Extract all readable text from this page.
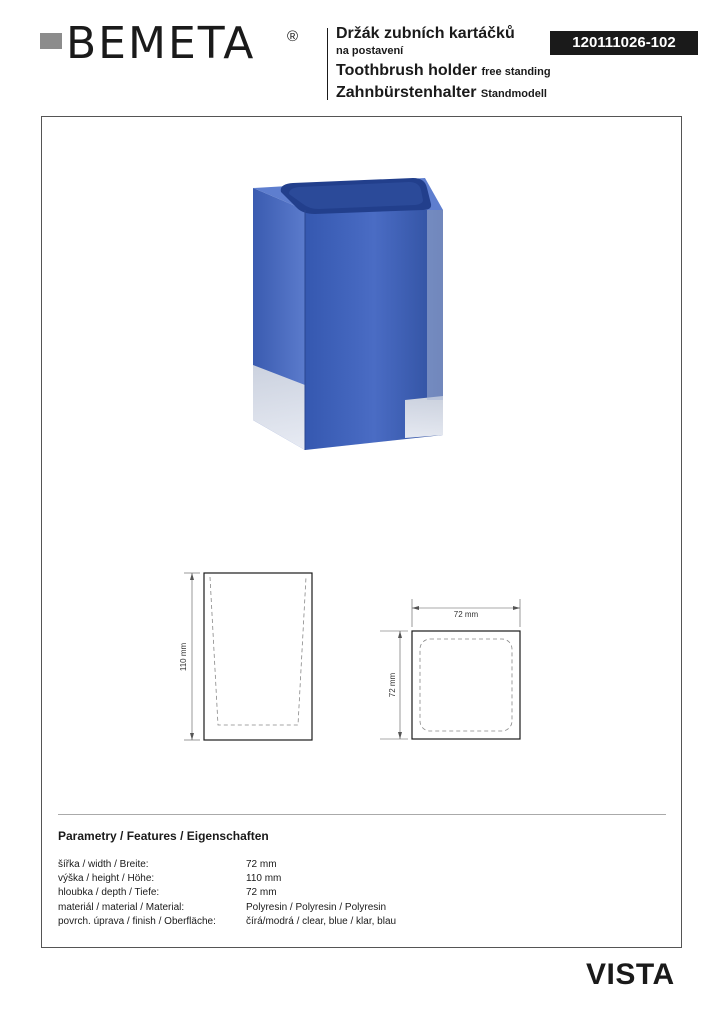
BEMETA ® Držák zubních kartáčků
na postavení
Toothbrush holder free standing
Zahnbürstenhalter Standmodell
120111026-102
110 mm
72 mm
72 mm
Parametry / Features / Eigenschaften
šířka / width / Breite:	72 mm
výška / height / Höhe:	110 mm
hloubka / depth / Tiefe:	72 mm
materiál / material / Material:	Polyresin / Polyresin / Polyresin
povrch. úprava / finish / Oberfläche:	čírá/modrá / clear, blue / klar, blau
VISTA
